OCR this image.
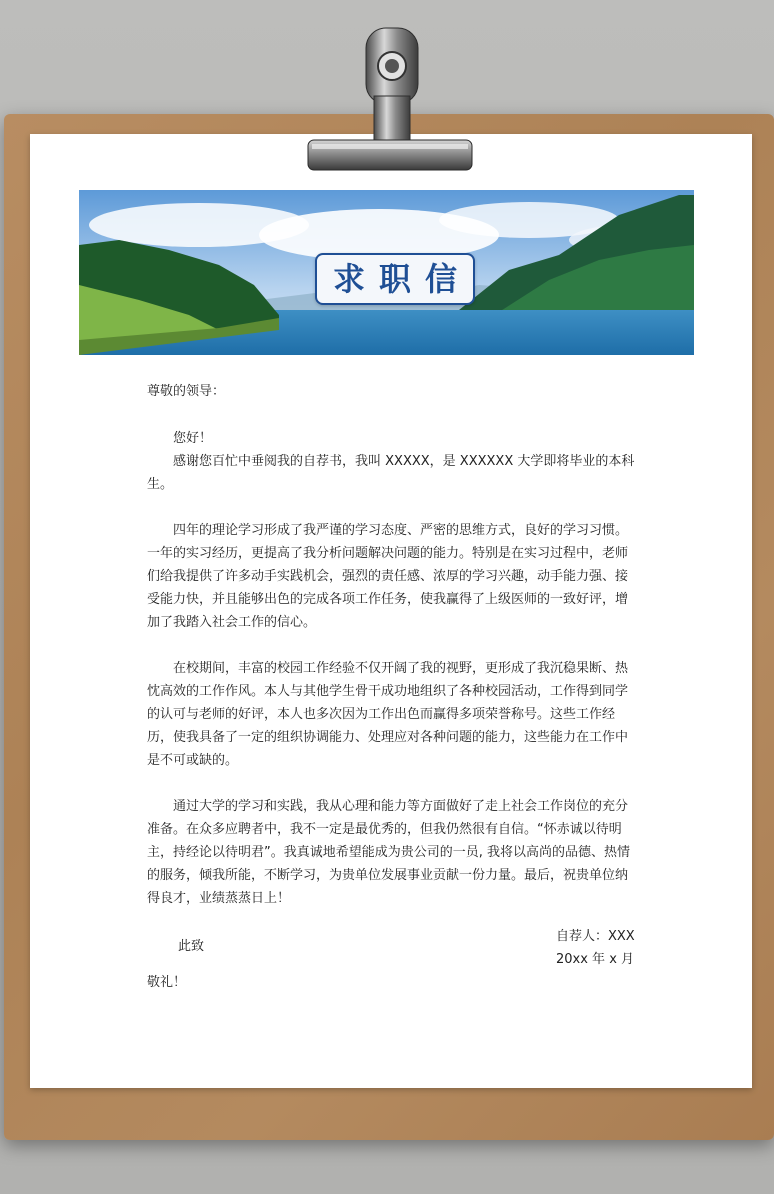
求职信

尊敬的领导：

您好！

感谢您百忙中垂阅我的自荐书，我叫 XXXXX，是 XXXXXX 大学即将毕业的本科生。

四年的理论学习形成了我严谨的学习态度、严密的思维方式，良好的学习习惯。一年的实习经历，更提高了我分析问题解决问题的能力。特别是在实习过程中，老师们给我提供了许多动手实践机会，强烈的责任感、浓厚的学习兴趣，动手能力强、接受能力快，并且能够出色的完成各项工作任务，使我赢得了上级医师的一致好评，增加了我踏入社会工作的信心。

在校期间，丰富的校园工作经验不仅开阔了我的视野，更形成了我沉稳果断、热忱高效的工作作风。本人与其他学生骨干成功地组织了各种校园活动，工作得到同学的认可与老师的好评，本人也多次因为工作出色而赢得多项荣誉称号。这些工作经历，使我具备了一定的组织协调能力、处理应对各种问题的能力，这些能力在工作中是不可或缺的。

通过大学的学习和实践，我从心理和能力等方面做好了走上社会工作岗位的充分准备。在众多应聘者中，我不一定是最优秀的，但我仍然很有自信。“怀赤诚以待明主，持经论以待明君”。我真诚地希望能成为贵公司的一员, 我将以高尚的品德、热情的服务，倾我所能，不断学习，为贵单位发展事业贡献一份力量。最后，祝贵单位纳得良才，业绩蒸蒸日上！

此致

敬礼！

自荐人：XXX
20xx 年 x 月
